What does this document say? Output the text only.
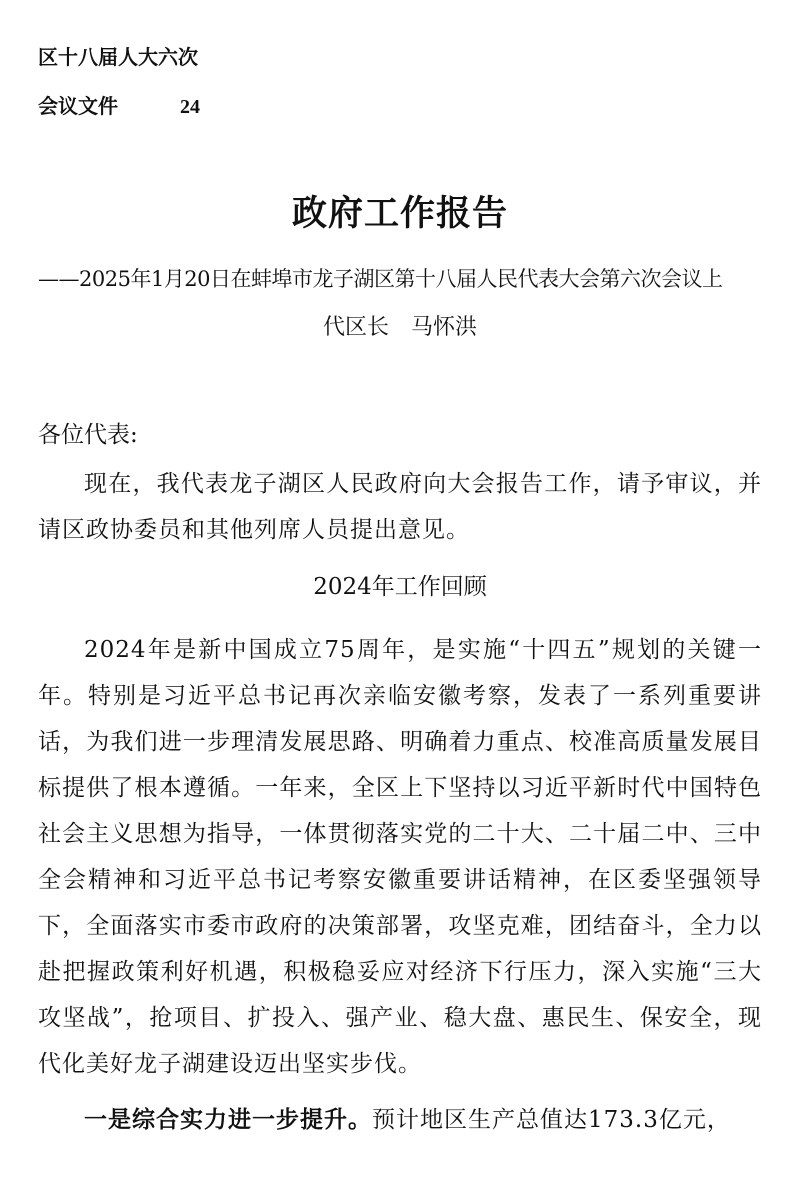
区十八届人大六次
会议文件	24
政府工作报告
——2025年1月20日在蚌埠市龙子湖区第十八届人民代表大会第六次会议上
代区长　马怀洪
各位代表:

现在，我代表龙子湖区人民政府向大会报告工作，请予审议，并请区政协委员和其他列席人员提出意见。

2024年工作回顾

2024年是新中国成立75周年，是实施“十四五”规划的关键一年。特别是习近平总书记再次亲临安徽考察，发表了一系列重要讲话，为我们进一步理清发展思路、明确着力重点、校准高质量发展目标提供了根本遵循。一年来，全区上下坚持以习近平新时代中国特色社会主义思想为指导，一体贯彻落实党的二十大、二十届二中、三中全会精神和习近平总书记考察安徽重要讲话精神，在区委坚强领导下，全面落实市委市政府的决策部署，攻坚克难，团结奋斗，全力以赴把握政策利好机遇，积极稳妥应对经济下行压力，深入实施“三大攻坚战”，抢项目、扩投入、强产业、稳大盘、惠民生、保安全，现代化美好龙子湖建设迈出坚实步伐。

一是综合实力进一步提升。预计地区生产总值达173.3亿元，
